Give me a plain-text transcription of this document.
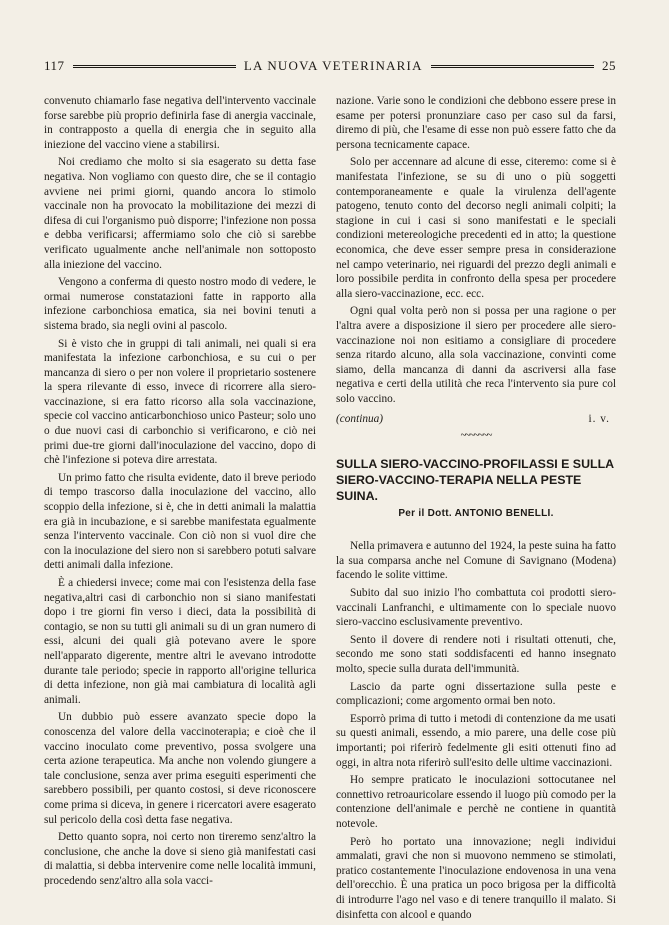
117	LA NUOVA VETERINARIA	25

convenuto chiamarlo fase negativa dell'intervento vaccinale forse sarebbe più proprio definirla fase di anergia vaccinale, in contrapposto a quella di energia che in seguito alla iniezione del vaccino viene a stabilirsi.

Noi crediamo che molto si sia esagerato su detta fase negativa. Non vogliamo con questo dire, che se il contagio avviene nei primi giorni, quando ancora lo stimolo vaccinale non ha provocato la mobilitazione dei mezzi di difesa di cui l'organismo può disporre; l'infezione non possa e debba verificarsi; affermiamo solo che ciò si sarebbe verificato ugualmente anche nell'animale non sottoposto alla iniezione del vaccino.

Vengono a conferma di questo nostro modo di vedere, le ormai numerose constatazioni fatte in rapporto alla infezione carbonchiosa ematica, sia nei bovini tenuti a sistema brado, sia negli ovini al pascolo.

Si è visto che in gruppi di tali animali, nei quali si era manifestata la infezione carbonchiosa, e su cui o per mancanza di siero o per non volere il proprietario sostenere la spera rilevante di esso, invece di ricorrere alla siero-vaccinazione, si era fatto ricorso alla sola vaccinazione, specie col vaccino anticarbonchioso unico Pasteur; solo uno o due nuovi casi di carbonchio si verificarono, e ciò nei primi due-tre giorni dall'inoculazione del vaccino, dopo di chè l'infezione si poteva dire arrestata.

Un primo fatto che risulta evidente, dato il breve periodo di tempo trascorso dalla inoculazione del vaccino, allo scoppio della infezione, si è, che in detti animali la malattia era già in incubazione, e si sarebbe manifestata egualmente senza l'intervento vaccinale. Con ciò non si vuol dire che con la inoculazione del siero non si sarebbero potuti salvare detti animali dalla infezione.

È a chiedersi invece; come mai con l'esistenza della fase negativa,altri casi di carbonchio non si siano manifestati dopo i tre giorni fin verso i dieci, data la possibilità di contagio, se non su tutti gli animali su di un gran numero di essi, alcuni dei quali già potevano avere le spore nell'apparato digerente, mentre altri le avevano introdotte durante tale periodo; specie in rapporto all'origine tellurica di detta infezione, non già mai cambiatura di località agli animali.

Un dubbio può essere avanzato specie dopo la conoscenza del valore della vaccinoterapia; e cioè che il vaccino inoculato come preventivo, possa svolgere una certa azione terapeutica. Ma anche non volendo giungere a tale conclusione, senza aver prima eseguiti esperimenti che sarebbero possibili, per quanto costosi, si deve riconoscere come prima si diceva, in genere i ricercatori avere esagerato sul pericolo della così detta fase negativa.

Detto quanto sopra, noi certo non tireremo senz'altro la conclusione, che anche la dove si sieno già manifestati casi di malattia, si debba intervenire come nelle località immuni, procedendo senz'altro alla sola vacci-

nazione. Varie sono le condizioni che debbono essere prese in esame per potersi pronunziare caso per caso sul da farsi, diremo di più, che l'esame di esse non può essere fatto che da persona tecnicamente capace.

Solo per accennare ad alcune di esse, citeremo: come si è manifestata l'infezione, se su di uno o più soggetti contemporaneamente e quale la virulenza dell'agente patogeno, tenuto conto del decorso negli animali colpiti; la stagione in cui i casi si sono manifestati e le speciali condizioni metereologiche precedenti ed in atto; la questione economica, che deve esser sempre presa in considerazione nel campo veterinario, nei riguardi del prezzo degli animali e loro possibile perdita in confronto della spesa per procedere alla siero-vaccinazione, ecc. ecc.

Ogni qual volta però non si possa per una ragione o per l'altra avere a disposizione il siero per procedere alle siero-vaccinazione noi non esitiamo a consigliare di procedere senza ritardo alcuno, alla sola vaccinazione, convinti come siamo, della mancanza di danni da ascriversi alla fase negativa e certi della utilità che reca l'intervento sia pure col solo vaccino.

(continua)	i. v.
~~~~~~~
SULLA SIERO-VACCINO-PROFILASSI E SULLA SIERO-VACCINO-TERAPIA NELLA PESTE SUINA.
Per il Dott. ANTONIO BENELLI.

Nella primavera e autunno del 1924, la peste suina ha fatto la sua comparsa anche nel Comune di Savignano (Modena) facendo le solite vittime.

Subito dal suo inizio l'ho combattuta coi prodotti siero-vaccinali Lanfranchi, e ultimamente con lo speciale nuovo siero-vaccino esclusivamente preventivo.

Sento il dovere di rendere noti i risultati ottenuti, che, secondo me sono stati soddisfacenti ed hanno insegnato molto, specie sulla durata dell'immunità.

Lascio da parte ogni dissertazione sulla peste e complicazioni; come argomento ormai ben noto.

Esporrò prima di tutto i metodi di contenzione da me usati su questi animali, essendo, a mio parere, una delle cose più importanti; poi riferirò fedelmente gli esiti ottenuti fino ad oggi, in altra nota riferirò sull'esito delle ultime vaccinazioni.

Ho sempre praticato le inoculazioni sottocutanee nel connettivo retroauricolare essendo il luogo più comodo per la contenzione dell'animale e perchè ne contiene in quantità notevole.

Però ho portato una innovazione; negli individui ammalati, gravi che non si muovono nemmeno se stimolati, pratico costantemente l'inoculazione endovenosa in una vena dell'orecchio. È una pratica un poco brigosa per la difficoltà di introdurre l'ago nel vaso e di tenere tranquillo il malato. Si disinfetta con alcool e quando
